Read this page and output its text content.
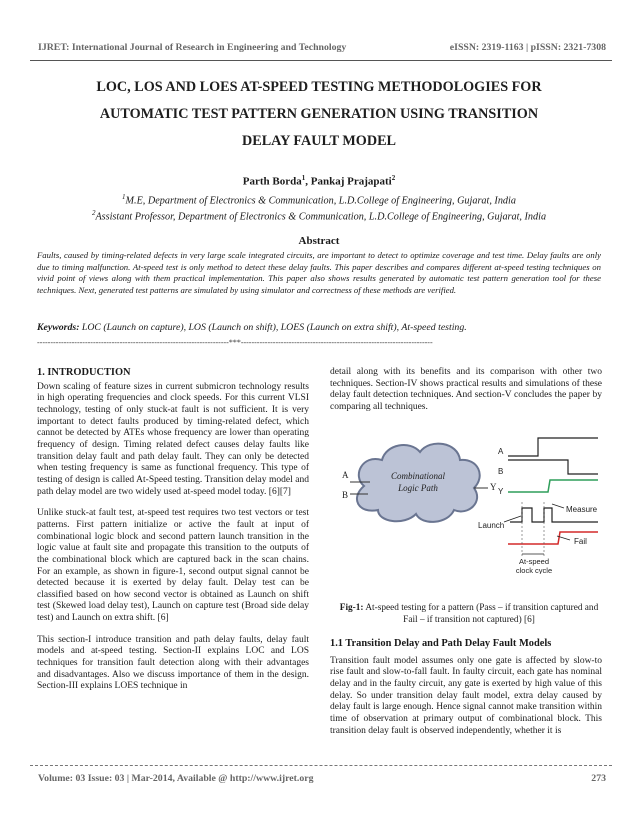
IJRET: International Journal of Research in Engineering and Technology	eISSN: 2319-1163 | pISSN: 2321-7308
LOC, LOS AND LOES AT-SPEED TESTING METHODOLOGIES FOR
AUTOMATIC TEST PATTERN GENERATION USING TRANSITION
DELAY FAULT MODEL
Parth Borda$^1$, Pankaj Prajapati$^2$
$^1$M.E, Department of Electronics & Communication, L.D.College of Engineering, Gujarat, India
$^2$Assistant Professor, Department of Electronics & Communication, L.D.College of Engineering, Gujarat, India
Abstract
Faults, caused by timing-related defects in very large scale integrated circuits, are important to detect to optimize coverage and test time. Delay faults are only due to timing malfunction. At-speed test is only method to detect these delay faults. This paper describes and compares different at-speed testing techniques on vivid point of views along with them practical implementation. This paper also shows results generated by automatic test pattern generation tool for these techniques. Next, generated test patterns are simulated by using simulator and correctness of these methods are verified.
Keywords: LOC (Launch on capture), LOS (Launch on shift), LOES (Launch on extra shift), At-speed testing.
------------------------------------------------------------------------***------------------------------------------------------------------------
1. INTRODUCTION

Down scaling of feature sizes in current submicron technology results in high operating frequencies and clock speeds. For this current VLSI technology, testing of only stuck-at fault is not sufficient. It is very important to detect faults produced by timing-related defect, which cannot be detected by ATEs whose frequency are lower than operating frequency of design. Timing related defect causes delay faults like transition delay fault and path delay fault. They can only be detected when testing frequency is same as functional frequency. This type of testing of design is called At-Speed testing. Transition delay model and path delay model are two widely used at-speed model today. [6][7]

Unlike stuck-at fault test, at-speed test requires two test vectors or test patterns. First pattern initialize or active the fault at input of combinational logic block and second pattern launch transition in the logic value at fault site and propagate this transition to the outputs of the combinational block which are captured back in the scan chains. For an example, as shown in figure-1, second output signal cannot be detected because it is exerted by delay fault. Delay test can be classified based on how second vector is obtained as Launch on shift test (Skewed load delay test), Launch on capture test (Broad side delay test) and Launch on extra shift. [6]

This section-I introduce transition and path delay faults, delay fault models and at-speed testing. Section-II explains LOC and LOS techniques for transition fault detection along with their advantages and disadvantages. Also we discuss importance of them in the design. Section-III explains LOES technique in

detail along with its benefits and its comparison with other two techniques. Section-IV shows practical results and simulations of these delay fault detection techniques. And section-V concludes the paper by comparing all techniques.

Combinational
Logic Path
A
B
Y
A
B
Y
Launch
Measure
Fail
At-speed
clock cycle
Fig-1: At-speed testing for a pattern (Pass – if transition captured and Fail – if transition not captured) [6]
1.1 Transition Delay and Path Delay Fault Models

Transition fault model assumes only one gate is affected by slow-to rise fault and slow-to-fall fault. In faulty circuit, each gate has nominal delay and in the faulty circuit, any gate is exerted by high value of this delay. So under transition delay fault model, extra delay caused by delay fault is large enough. Hence signal cannot make transition within time of observation at primary output of combinational block. This transition delay fault is observed independently, whether it is

Volume: 03 Issue: 03 | Mar-2014, Available @ http://www.ijret.org	273
